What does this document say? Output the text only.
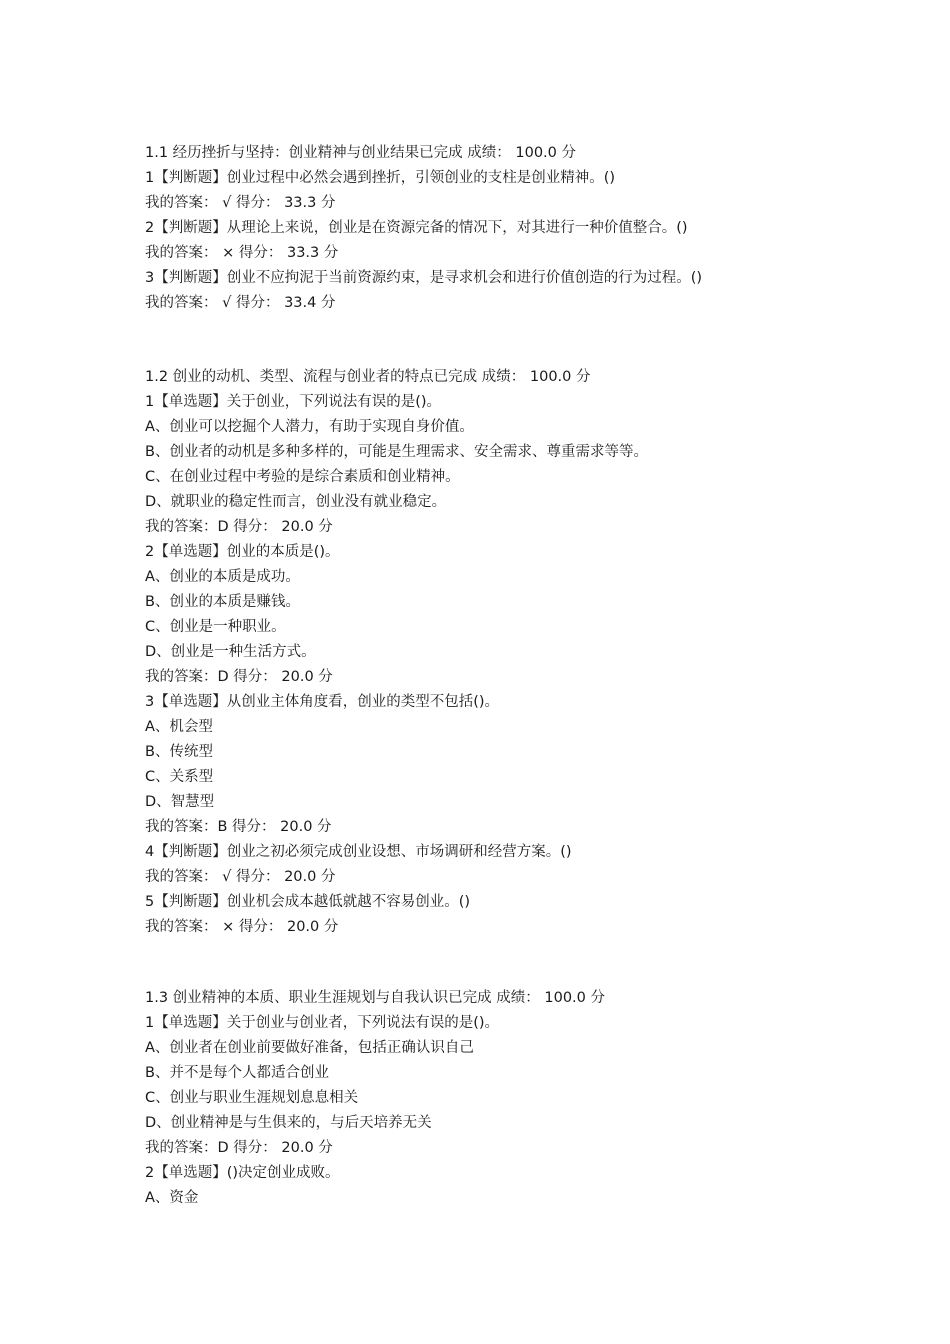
1.1 经历挫折与坚持：创业精神与创业结果已完成 成绩： 100.0 分
1【判断题】创业过程中必然会遇到挫折，引领创业的支柱是创业精神。()
我的答案： √ 得分： 33.3 分
2【判断题】从理论上来说，创业是在资源完备的情况下，对其进行一种价值整合。()
我的答案： × 得分： 33.3 分
3【判断题】创业不应拘泥于当前资源约束，是寻求机会和进行价值创造的行为过程。()
我的答案： √ 得分： 33.4 分
1.2 创业的动机、类型、流程与创业者的特点已完成 成绩： 100.0 分
1【单选题】关于创业，下列说法有误的是()。
A、创业可以挖掘个人潜力，有助于实现自身价值。
B、创业者的动机是多种多样的，可能是生理需求、安全需求、尊重需求等等。
C、在创业过程中考验的是综合素质和创业精神。
D、就职业的稳定性而言，创业没有就业稳定。
我的答案：D 得分： 20.0 分
2【单选题】创业的本质是()。
A、创业的本质是成功。
B、创业的本质是赚钱。
C、创业是一种职业。
D、创业是一种生活方式。
我的答案：D 得分： 20.0 分
3【单选题】从创业主体角度看，创业的类型不包括()。
A、机会型
B、传统型
C、关系型
D、智慧型
我的答案：B 得分： 20.0 分
4【判断题】创业之初必须完成创业设想、市场调研和经营方案。()
我的答案： √ 得分： 20.0 分
5【判断题】创业机会成本越低就越不容易创业。()
我的答案： × 得分： 20.0 分
1.3 创业精神的本质、职业生涯规划与自我认识已完成 成绩： 100.0 分
1【单选题】关于创业与创业者，下列说法有误的是()。
A、创业者在创业前要做好准备，包括正确认识自己
B、并不是每个人都适合创业
C、创业与职业生涯规划息息相关
D、创业精神是与生俱来的，与后天培养无关
我的答案：D 得分： 20.0 分
2【单选题】()决定创业成败。
A、资金
